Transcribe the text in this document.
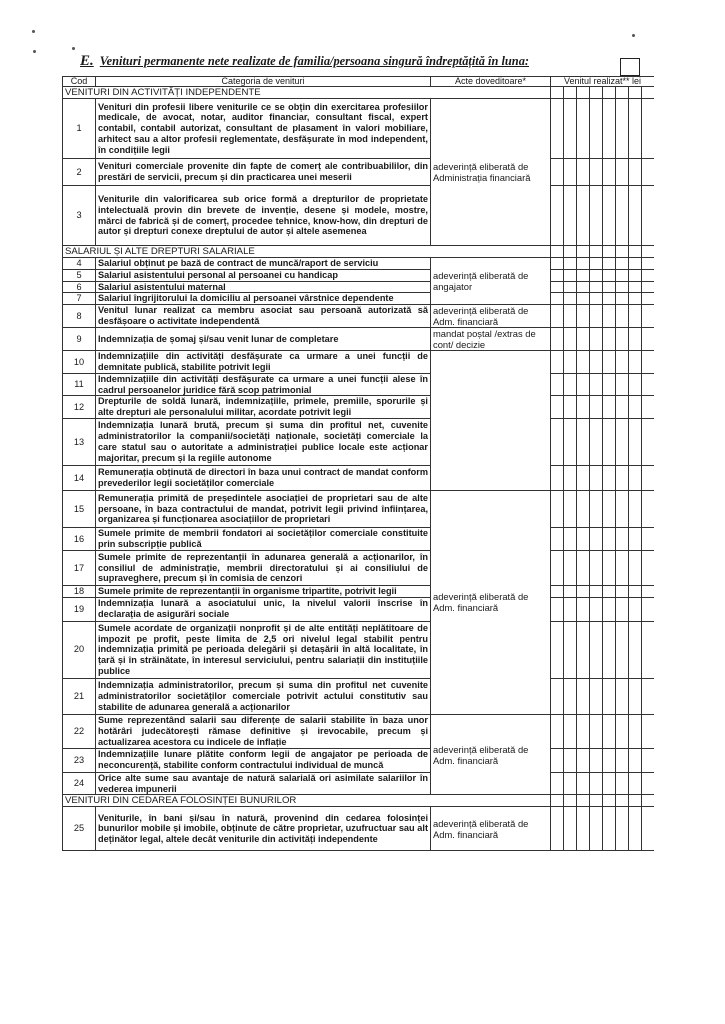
E. Venituri permanente nete realizate de familia/persoana singură îndreptățită în luna:
Cod	Categoria de venituri	Acte doveditoare*	Venitul realizat** lei							
VENITURI DIN ACTIVITĂȚI INDEPENDENTE										
1	Venituri din profesii libere veniturile ce se obțin din exercitarea profesiilor medicale, de avocat, notar, auditor financiar, consultant fiscal, expert contabil, contabil autorizat, consultant de plasament în valori mobiliare, arhitect sau a altor profesii reglementate, desfășurate în mod independent, în condițiile legii	adeverință eliberată de Administrația financiară								
2	Venituri comerciale provenite din fapte de comerț ale contribuabililor, din prestări de servicii, precum și din practicarea unei meserii									
3	Veniturile din valorificarea sub orice formă a drepturilor de proprietate intelectuală provin din brevete de invenție, desene și modele, mostre, mărci de fabrică și de comerț, procedee tehnice, know-how, din drepturi de autor și drepturi conexe dreptului de autor și altele asemenea									
SALARIUL ȘI ALTE DREPTURI SALARIALE										
4	Salariul obținut pe bază de contract de muncă/raport de serviciu	adeverință eliberată de angajator								
5	Salariul asistentului personal al persoanei cu handicap									
6	Salariul asistentului maternal									
7	Salariul îngrijitorului la domiciliu al persoanei vârstnice dependente									
8	Venitul lunar realizat ca membru asociat sau persoană autorizată să desfășoare o activitate independentă	adeverință eliberată de Adm. financiară								
9	Indemnizația de șomaj și/sau venit lunar de completare	mandat poștal /extras de cont/ decizie								
10	Indemnizațiile din activități desfășurate ca urmare a unei funcții de demnitate publică, stabilite potrivit legii									
11	Indemnizațiile din activități desfășurate ca urmare a unei funcții alese în cadrul persoanelor juridice fără scop patrimonial									
12	Drepturile de soldă lunară, indemnizațiile, primele, premiile, sporurile și alte drepturi ale personalului militar, acordate potrivit legii									
13	Indemnizația lunară brută, precum și suma din profitul net, cuvenite administratorilor la companii/societăți naționale, societăți comerciale la care statul sau o autoritate a administrației publice locale este acționar majoritar, precum și la regiile autonome									
14	Remunerația obținută de directori în baza unui contract de mandat conform prevederilor legii societăților comerciale									
15	Remunerația primită de președintele asociației de proprietari sau de alte persoane, în baza contractului de mandat, potrivit legii privind înființarea, organizarea și funcționarea asociațiilor de proprietari	adeverință eliberată de Adm. financiară								
16	Sumele primite de membrii fondatori ai societăților comerciale constituite prin subscripție publică									
17	Sumele primite de reprezentanții în adunarea generală a acționarilor, în consiliul de administrație, membrii directoratului și ai consiliului de supraveghere, precum și în comisia de cenzori									
18	Sumele primite de reprezentanții în organisme tripartite, potrivit legii									
19	Indemnizația lunară a asociatului unic, la nivelul valorii înscrise în declarația de asigurări sociale									
20	Sumele acordate de organizații nonprofit și de alte entități neplătitoare de impozit pe profit, peste limita de 2,5 ori nivelul legal stabilit pentru indemnizația primită pe perioada delegării și detașării în altă localitate, în țară și în străinătate, în interesul serviciului, pentru salariații din instituțiile publice									
21	Indemnizația administratorilor, precum și suma din profitul net cuvenite administratorilor societăților comerciale potrivit actului constitutiv sau stabilite de adunarea generală a acționarilor									
22	Sume reprezentând salarii sau diferențe de salarii stabilite în baza unor hotărâri judecătorești rămase definitive și irevocabile, precum și actualizarea acestora cu indicele de inflație	adeverință eliberată de Adm. financiară								
23	Indemnizațiile lunare plătite conform legii de angajator pe perioada de neconcurență, stabilite conform contractului individual de muncă									
24	Orice alte sume sau avantaje de natură salarială ori asimilate salariilor în vederea impunerii									
VENITURI DIN CEDAREA FOLOSINȚEI BUNURILOR										
25	Veniturile, în bani și/sau în natură, provenind din cedarea folosinței bunurilor mobile și imobile, obținute de către proprietar, uzufructuar sau alt deținător legal, altele decât veniturile din activități independente	adeverință eliberată de Adm. financiară								
